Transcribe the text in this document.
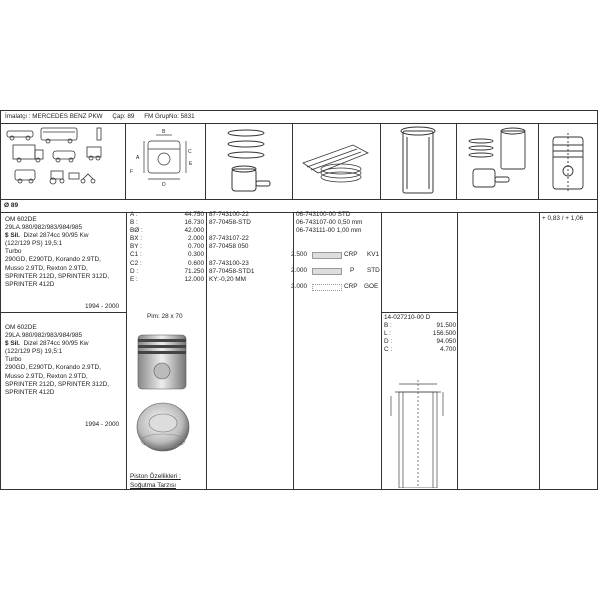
İmalatçı : MERCEDES BENZ PKW Çap: 89 FM GrupNo: 5831
A
B
C
D
E
F
Ø 89
OM 602DE
29LA.980/982/983/984/985
$ Sil. Dizel 2874cc 90/95 Kw
(122/129 PS) 19,5:1
Turbo
290GD, E290TD, Korando 2.9TD,
Musso 2.9TD, Rexton 2.9TD,
SPRINTER 212D, SPRINTER 312D,
SPRINTER 412D
1994 - 2000
OM 602DE
29LA.980/982/983/984/985
$ Sil. Dizel 2874cc 90/95 Kw
(122/129 PS) 19,5:1
Turbo
290GD, E290TD, Korando 2.9TD,
Musso 2.9TD, Rexton 2.9TD,
SPRINTER 212D, SPRINTER 312D,
SPRINTER 412D
1994 - 2000
A :	44.750
B :	16.730
BØ :	42.000
BX :	2.000
BY :	0.700
C1 :	0.300
C2 :	0.600
D :	71.250
E :	12.000
Pim: 28 x 70
Piston Özellikleri :
Soğutma Tarzısı
87-743100-22
87-70458-STD
87-743107-22
87-70458 050
87-743100-23
87-70458-STD1
KY:-0,20 MM
06-743100-00 STD
06-743107-00 0,50 mm
06-743111-00 1,00 mm
2.500	CRP KV1
2.000	P STD
3.000	CRP GOE
14-027210-00 D
B :	91.500
L :	156.500
D :	94.050
C :	4.700
+ 0,83 / + 1,06
